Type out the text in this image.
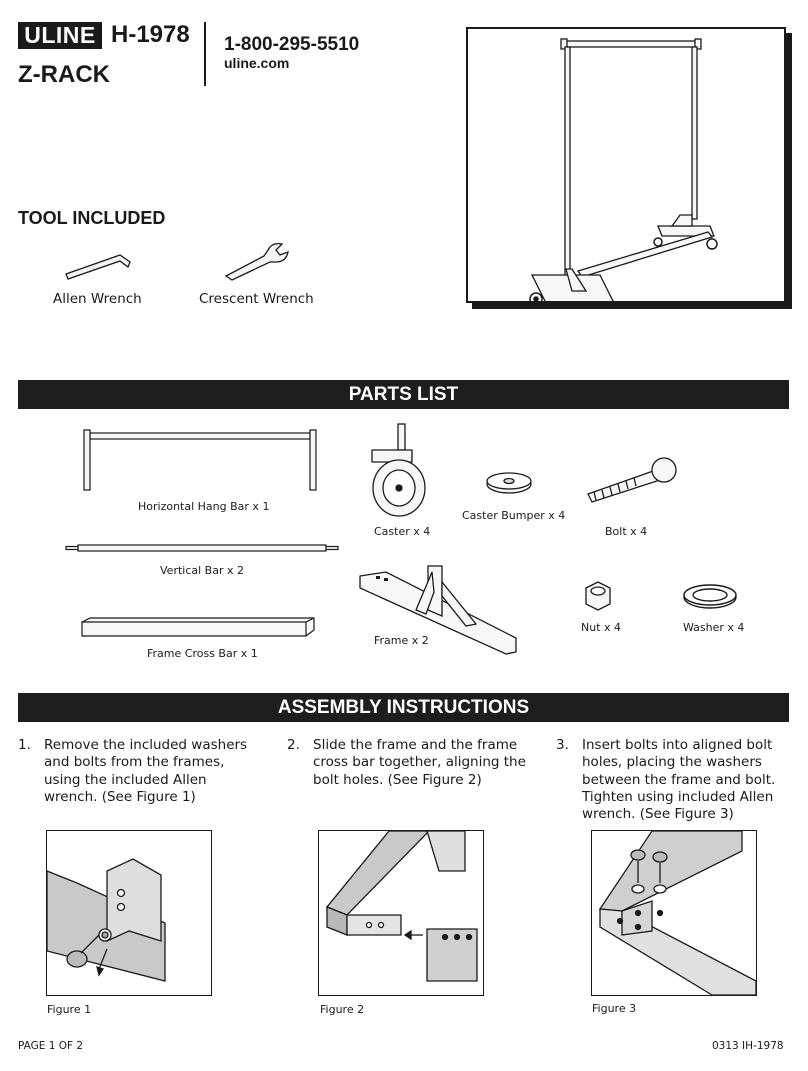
ULINE H-1978
Z-RACK
1-800-295-5510
uline.com
TOOL INCLUDED
Allen Wrench	Crescent Wrench
PARTS LIST
Horizontal Hang Bar x 1
Caster x 4
Caster Bumper x 4
Bolt x 4
Vertical Bar x 2
Frame x 2
Nut x 4	Washer x 4
Frame Cross Bar x 1
ASSEMBLY INSTRUCTIONS
1. Remove the included washers and bolts from the frames, using the included Allen wrench. (See Figure 1)
2. Slide the frame and the frame cross bar together, aligning the bolt holes. (See Figure 2)
3. Insert bolts into aligned bolt holes, placing the washers between the frame and bolt. Tighten using included Allen wrench. (See Figure 3)
Figure 1	Figure 2	Figure 3
PAGE 1 OF 2	0313 IH-1978
